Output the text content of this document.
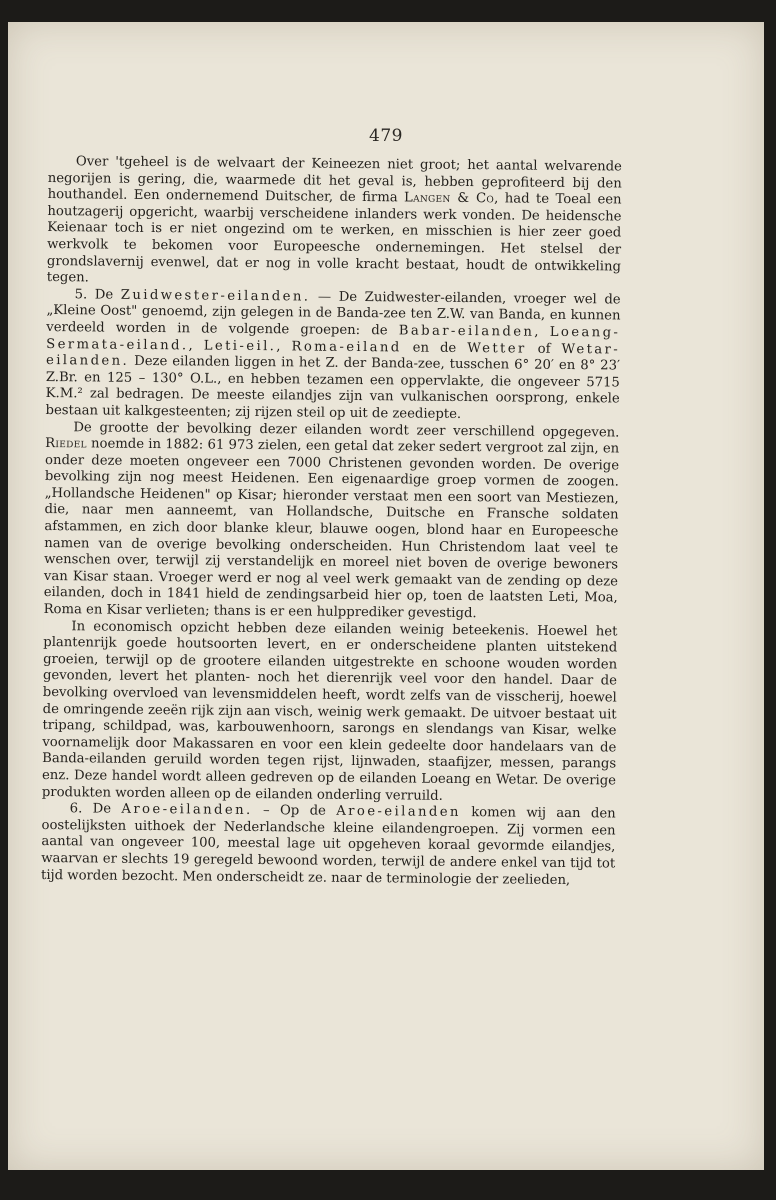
479

Over 'tgeheel is de welvaart der Keineezen niet groot; het aantal welvarende negorijen is gering, die, waarmede dit het geval is, hebben geprofiteerd bij den houthandel. Een ondernemend Duitscher, de firma Langen & Co, had te Toeal een houtzagerij opgericht, waarbij verscheidene inlanders werk vonden. De heidensche Keienaar toch is er niet ongezind om te werken, en misschien is hier zeer goed werkvolk te bekomen voor Europeesche ondernemingen. Het stelsel der grondslavernij evenwel, dat er nog in volle kracht bestaat, houdt de ontwikkeling tegen.

5. De Zuidwester-eilanden. — De Zuidwester-eilanden, vroeger wel de „Kleine Oost" genoemd, zijn gelegen in de Banda-zee ten Z.W. van Banda, en kunnen verdeeld worden in de volgende groepen: de Babar-eilanden, Loeang-Sermata-eiland., Leti-eil., Roma-eiland en de Wetter of Wetar-eilanden. Deze eilanden liggen in het Z. der Banda-zee, tusschen 6° 20′ en 8° 23′ Z.Br. en 125 – 130° O.L., en hebben tezamen een oppervlakte, die ongeveer 5715 K.M.² zal bedragen. De meeste eilandjes zijn van vulkanischen oorsprong, enkele bestaan uit kalkgesteenten; zij rijzen steil op uit de zeediepte.

De grootte der bevolking dezer eilanden wordt zeer verschillend opgegeven. Riedel noemde in 1882: 61 973 zielen, een getal dat zeker sedert vergroot zal zijn, en onder deze moeten ongeveer een 7000 Christenen gevonden worden. De overige bevolking zijn nog meest Heidenen. Een eigenaardige groep vormen de zoogen. „Hollandsche Heidenen" op Kisar; hieronder verstaat men een soort van Mestiezen, die, naar men aanneemt, van Hollandsche, Duitsche en Fransche soldaten afstammen, en zich door blanke kleur, blauwe oogen, blond haar en Europeesche namen van de overige bevolking onderscheiden. Hun Christendom laat veel te wenschen over, terwijl zij verstandelijk en moreel niet boven de overige bewoners van Kisar staan. Vroeger werd er nog al veel werk gemaakt van de zending op deze eilanden, doch in 1841 hield de zendingsarbeid hier op, toen de laatsten Leti, Moa, Roma en Kisar verlieten; thans is er een hulpprediker gevestigd.

In economisch opzicht hebben deze eilanden weinig beteekenis. Hoewel het plantenrijk goede houtsoorten levert, en er onderscheidene planten uitstekend groeien, terwijl op de grootere eilanden uitgestrekte en schoone wouden worden gevonden, levert het planten- noch het dierenrijk veel voor den handel. Daar de bevolking overvloed van levensmiddelen heeft, wordt zelfs van de visscherij, hoewel de omringende zeeën rijk zijn aan visch, weinig werk gemaakt. De uitvoer bestaat uit tripang, schildpad, was, karbouwenhoorn, sarongs en slendangs van Kisar, welke voornamelijk door Makassaren en voor een klein gedeelte door handelaars van de Banda-eilanden geruild worden tegen rijst, lijnwaden, staafijzer, messen, parangs enz. Deze handel wordt alleen gedreven op de eilanden Loeang en Wetar. De overige produkten worden alleen op de eilanden onderling verruild.

6. De Aroe-eilanden. – Op de Aroe-eilanden komen wij aan den oostelijksten uithoek der Nederlandsche kleine eilandengroepen. Zij vormen een aantal van ongeveer 100, meestal lage uit opgeheven koraal gevormde eilandjes, waarvan er slechts 19 geregeld bewoond worden, terwijl de andere enkel van tijd tot tijd worden bezocht. Men onderscheidt ze. naar de terminologie der zeelieden,
